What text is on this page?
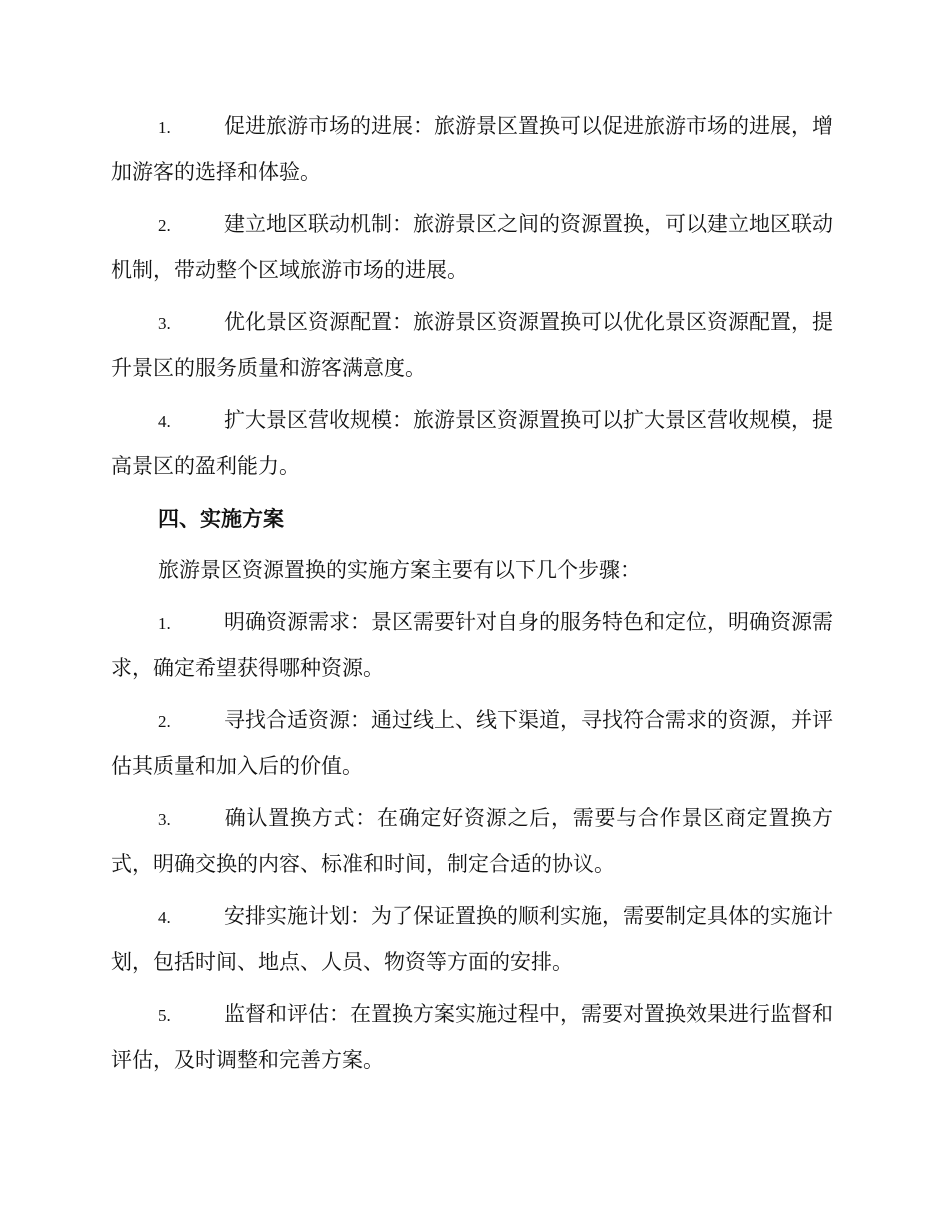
1.	促进旅游市场的进展：旅游景区置换可以促进旅游市场的进展，增加游客的选择和体验。
2.	建立地区联动机制：旅游景区之间的资源置换，可以建立地区联动机制，带动整个区域旅游市场的进展。
3.	优化景区资源配置：旅游景区资源置换可以优化景区资源配置，提升景区的服务质量和游客满意度。
4.	扩大景区营收规模：旅游景区资源置换可以扩大景区营收规模，提高景区的盈利能力。
四、实施方案
旅游景区资源置换的实施方案主要有以下几个步骤：
1.	明确资源需求：景区需要针对自身的服务特色和定位，明确资源需求，确定希望获得哪种资源。
2.	寻找合适资源：通过线上、线下渠道，寻找符合需求的资源，并评估其质量和加入后的价值。
3.	确认置换方式：在确定好资源之后，需要与合作景区商定置换方式，明确交换的内容、标准和时间，制定合适的协议。
4.	安排实施计划：为了保证置换的顺利实施，需要制定具体的实施计划，包括时间、地点、人员、物资等方面的安排。
5.	监督和评估：在置换方案实施过程中，需要对置换效果进行监督和评估，及时调整和完善方案。
